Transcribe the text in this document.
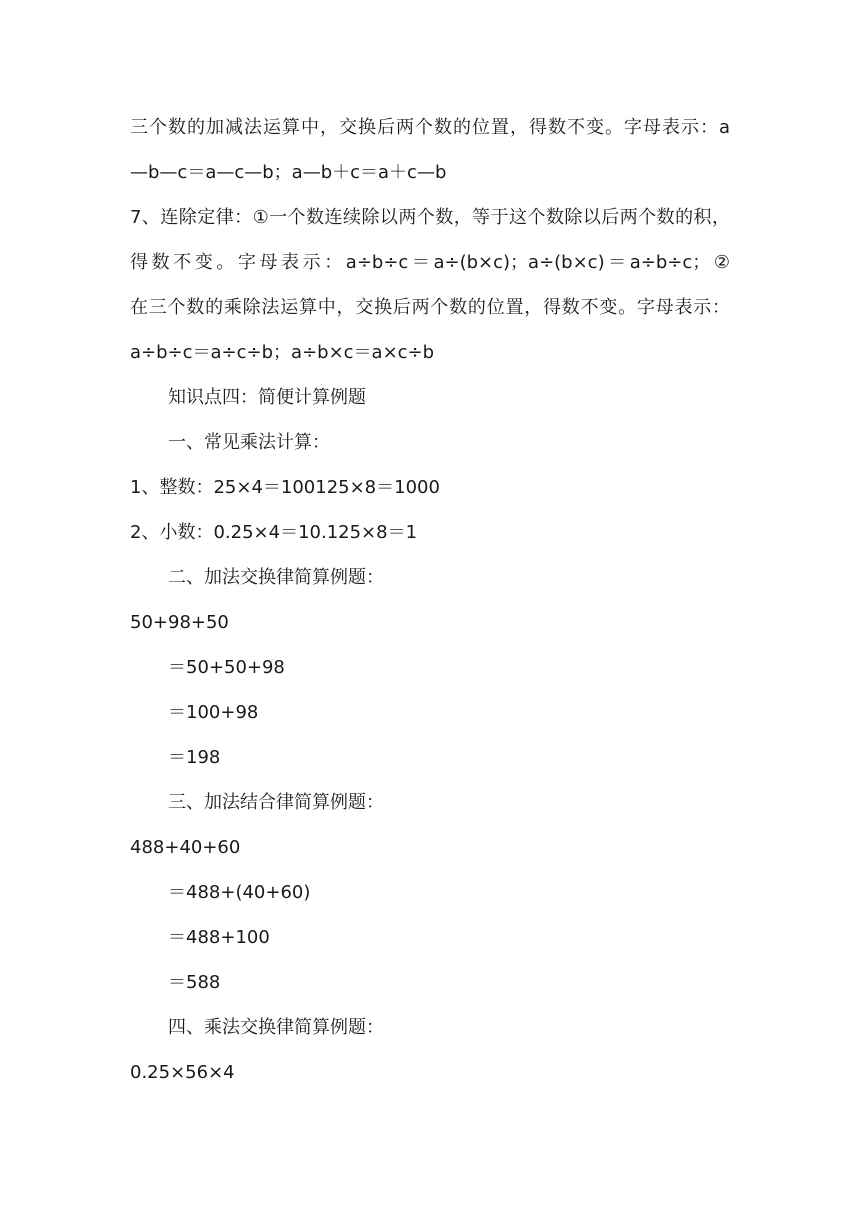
三个数的加减法运算中，交换后两个数的位置，得数不变。字母表示：a
—b—c＝a—c—b；a—b＋c＝a＋c—b
7、连除定律：①一个数连续除以两个数，等于这个数除以后两个数的积，
得数不变。字母表示：a÷b÷c＝a÷(b×c)；a÷(b×c)＝a÷b÷c；②
在三个数的乘除法运算中，交换后两个数的位置，得数不变。字母表示：
a÷b÷c＝a÷c÷b；a÷b×c＝a×c÷b
知识点四：简便计算例题
一、常见乘法计算：
1、整数：25×4＝100125×8＝1000
2、小数：0.25×4＝10.125×8＝1
二、加法交换律简算例题：
50+98+50
＝50+50+98
＝100+98
＝198
三、加法结合律简算例题：
488+40+60
＝488+(40+60)
＝488+100
＝588
四、乘法交换律简算例题：
0.25×56×4
